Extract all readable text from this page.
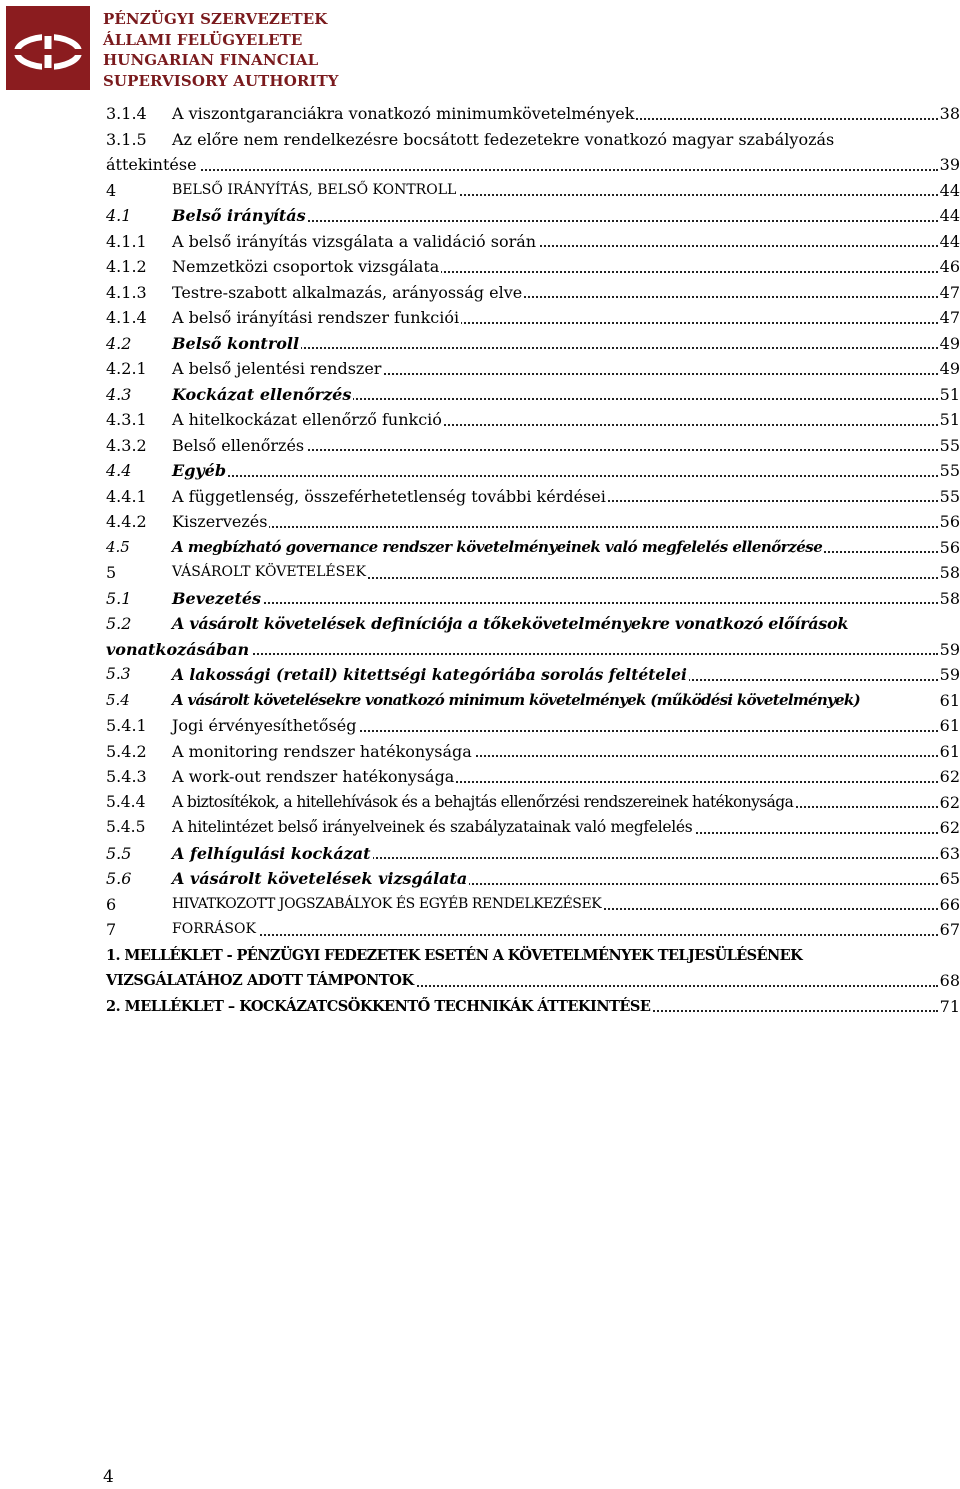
PÉNZÜGYI SZERVEZETEK
ÁLLAMI FELÜGYELETE
HUNGARIAN FINANCIAL
SUPERVISORY AUTHORITY
3.1.4 A viszontgaranciákra vonatkozó minimumkövetelmények	38
3.1.5 Az előre nem rendelkezésre bocsátott fedezetekre vonatkozó magyar szabályozás
áttekintése	39
4	BELSŐ IRÁNYÍTÁS, BELSŐ KONTROLL	44
4.1	Belső irányítás	44
4.1.1 A belső irányítás vizsgálata a validáció során	44
4.1.2 Nemzetközi csoportok vizsgálata	46
4.1.3 Testre-szabott alkalmazás, arányosság elve	47
4.1.4 A belső irányítási rendszer funkciói	47
4.2	Belső kontroll	49
4.2.1 A belső jelentési rendszer	49
4.3	Kockázat ellenőrzés	51
4.3.1 A hitelkockázat ellenőrző funkció	51
4.3.2 Belső ellenőrzés	55
4.4	Egyéb	55
4.4.1 A függetlenség, összeférhetetlenség további kérdései	55
4.4.2 Kiszervezés	56
4.5	A megbízható governance rendszer követelményeinek való megfelelés ellenőrzése	56
5	VÁSÁROLT KÖVETELÉSEK	58
5.1	Bevezetés	58
5.2	A vásárolt követelések definíciója a tőkekövetelményekre vonatkozó előírások
vonatkozásában	59
5.3	A lakossági (retail) kitettségi kategóriába sorolás feltételei	59
5.4	A vásárolt követelésekre vonatkozó minimum követelmények (működési követelmények)	61
5.4.1 Jogi érvényesíthetőség	61
5.4.2 A monitoring rendszer hatékonysága	61
5.4.3 A work-out rendszer hatékonysága	62
5.4.4 A biztosítékok, a hitellehívások és a behajtás ellenőrzési rendszereinek hatékonysága	62
5.4.5 A hitelintézet belső irányelveinek és szabályzatainak való megfelelés	62
5.5	A felhígulási kockázat	63
5.6	A vásárolt követelések vizsgálata	65
6	HIVATKOZOTT JOGSZABÁLYOK ÉS EGYÉB RENDELKEZÉSEK	66
7	FORRÁSOK	67
1. MELLÉKLET - PÉNZÜGYI FEDEZETEK ESETÉN A KÖVETELMÉNYEK TELJESÜLÉSÉNEK
VIZSGÁLATÁHOZ ADOTT TÁMPONTOK	68
2. MELLÉKLET – KOCKÁZATCSÖKKENTŐ TECHNIKÁK ÁTTEKINTÉSE	71
4
